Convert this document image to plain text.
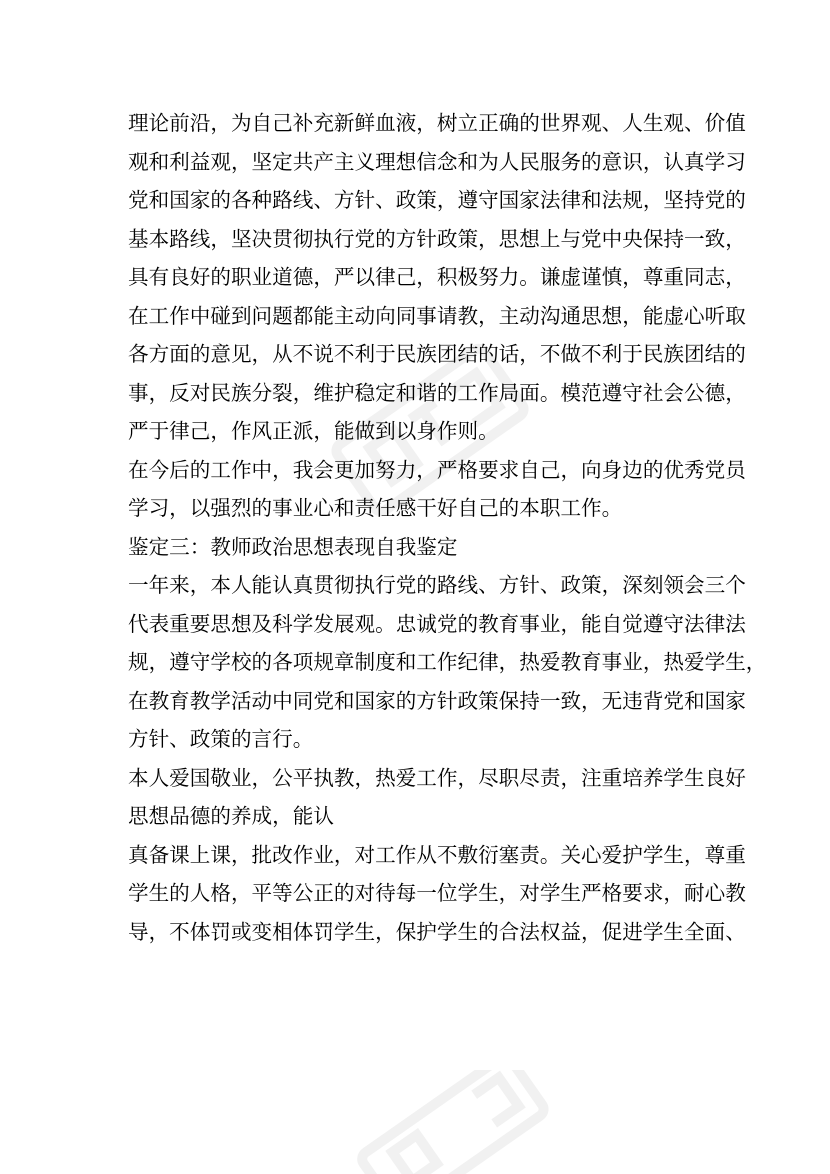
理论前沿，为自己补充新鲜血液，树立正确的世界观、人生观、价值
观和利益观，坚定共产主义理想信念和为人民服务的意识，认真学习
党和国家的各种路线、方针、政策，遵守国家法律和法规，坚持党的
基本路线，坚决贯彻执行党的方针政策，思想上与党中央保持一致，
具有良好的职业道德，严以律己，积极努力。谦虚谨慎，尊重同志，
在工作中碰到问题都能主动向同事请教，主动沟通思想，能虚心听取
各方面的意见，从不说不利于民族团结的话，不做不利于民族团结的
事，反对民族分裂，维护稳定和谐的工作局面。模范遵守社会公德，
严于律己，作风正派，能做到以身作则。
在今后的工作中，我会更加努力，严格要求自己，向身边的优秀党员
学习，以强烈的事业心和责任感干好自己的本职工作。
鉴定三：教师政治思想表现自我鉴定
一年来，本人能认真贯彻执行党的路线、方针、政策，深刻领会三个
代表重要思想及科学发展观。忠诚党的教育事业，能自觉遵守法律法
规，遵守学校的各项规章制度和工作纪律，热爱教育事业，热爱学生，
在教育教学活动中同党和国家的方针政策保持一致，无违背党和国家
方针、政策的言行。
本人爱国敬业，公平执教，热爱工作，尽职尽责，注重培养学生良好
思想品德的养成，能认
真备课上课，批改作业，对工作从不敷衍塞责。关心爱护学生，尊重
学生的人格，平等公正的对待每一位学生，对学生严格要求，耐心教
导，不体罚或变相体罚学生，保护学生的合法权益，促进学生全面、
